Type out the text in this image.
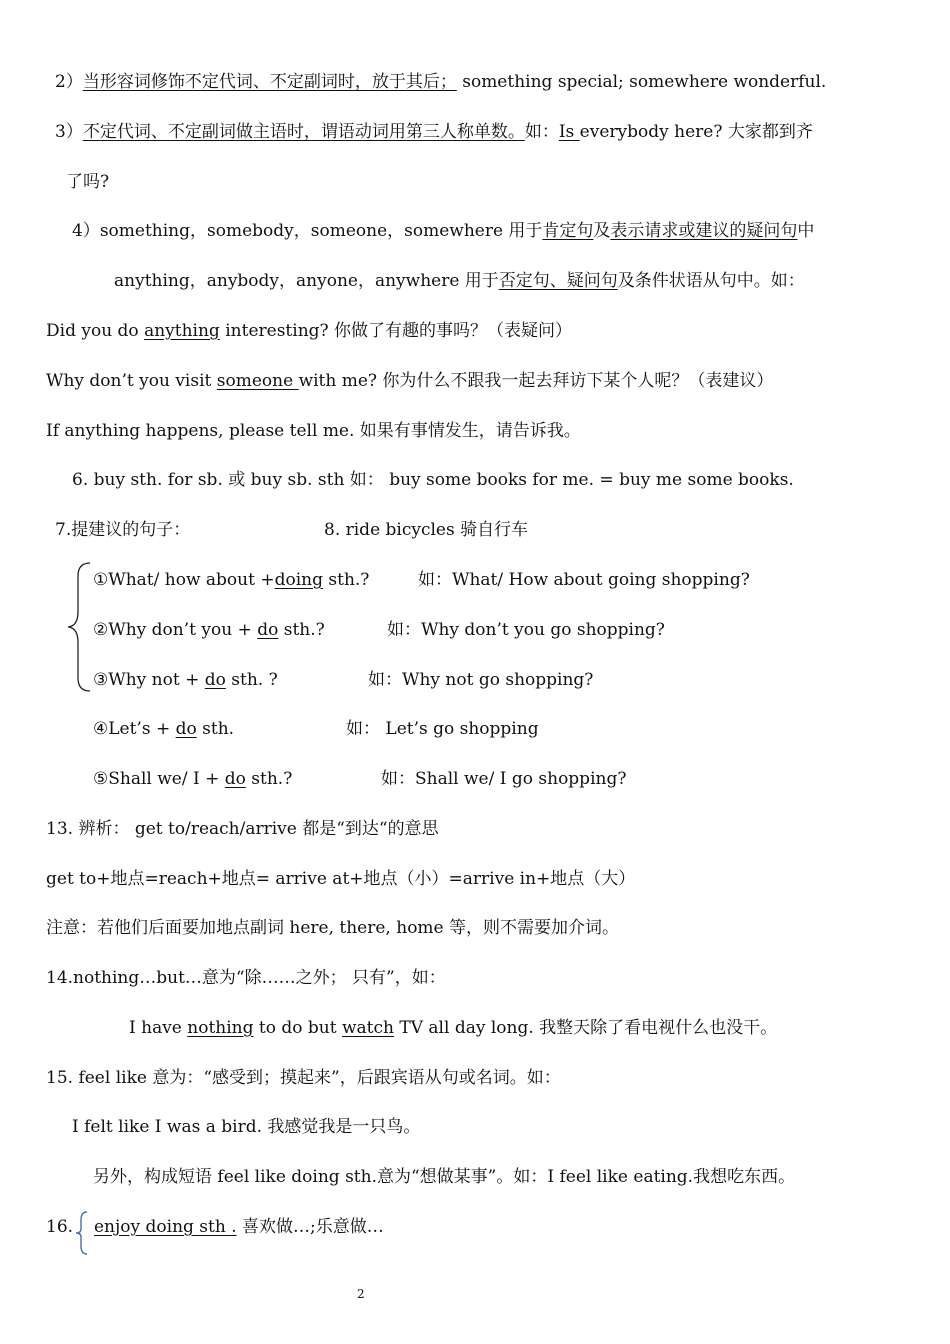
2）当形容词修饰不定代词、不定副词时，放于其后； something special; somewhere wonderful.
3）不定代词、不定副词做主语时，谓语动词用第三人称单数。如：Is everybody here? 大家都到齐
了吗?
4）something，somebody，someone，somewhere 用于肯定句及表示请求或建议的疑问句中
anything，anybody，anyone，anywhere 用于否定句、疑问句及条件状语从句中。如：
Did you do anything interesting? 你做了有趣的事吗？（表疑问）
Why don’t you visit someone with me? 你为什么不跟我一起去拜访下某个人呢？（表建议）
If anything happens, please tell me. 如果有事情发生，请告诉我。
6. buy sth. for sb. 或 buy sb. sth 如： buy some books for me. = buy me some books.
7.提建议的句子：	8. ride bicycles 骑自行车
①What/ how about +doing sth.?	如：What/ How about going shopping?
②Why don’t you + do sth.?	如：Why don’t you go shopping?
③Why not + do sth. ?	如：Why not go shopping?
④Let’s + do sth.	如： Let’s go shopping
⑤Shall we/ I + do sth.?	如：Shall we/ I go shopping?
13. 辨析： get to/reach/arrive 都是“到达“的意思
get to+地点=reach+地点= arrive at+地点（小）=arrive in+地点（大）
注意：若他们后面要加地点副词 here, there, home 等，则不需要加介词。
14.nothing…but…意为“除……之外； 只有”，如：
I have nothing to do but watch TV all day long. 我整天除了看电视什么也没干。
15. feel like 意为：“感受到；摸起来”，后跟宾语从句或名词。如：
I felt like I was a bird. 我感觉我是一只鸟。
另外，构成短语 feel like doing sth.意为“想做某事”。如：I feel like eating.我想吃东西。
16. enjoy doing sth . 喜欢做…;乐意做…
2
